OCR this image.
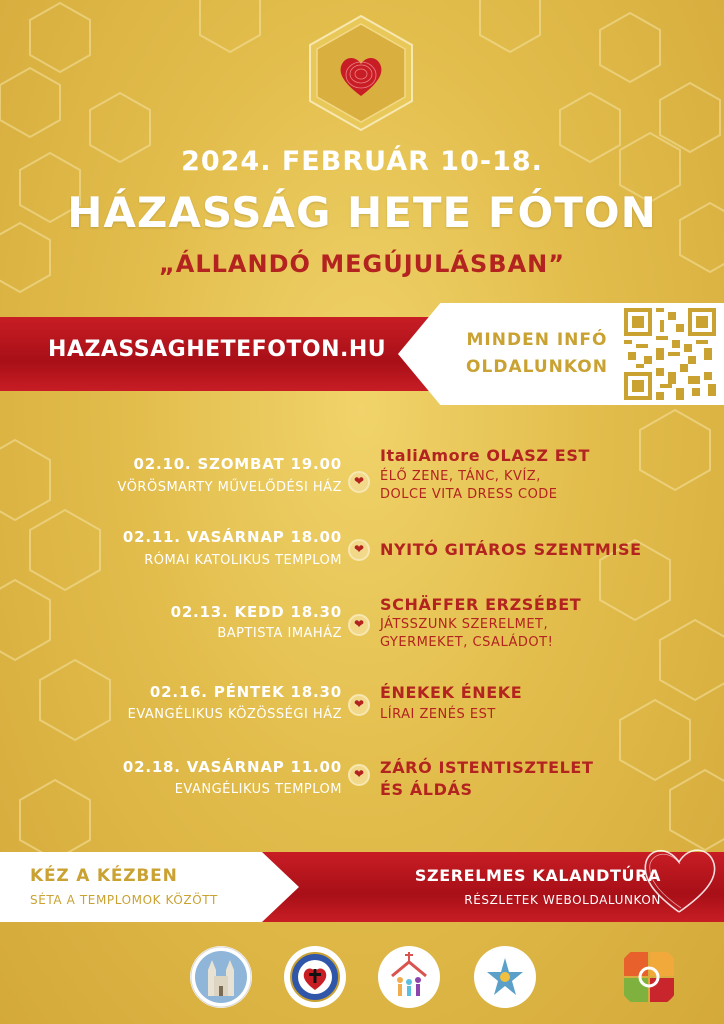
2024. FEBRUÁR 10-18.
HÁZASSÁG HETE FÓTON
„ÁLLANDÓ MEGÚJULÁSBAN”
HAZASSAGHETEFOTON.HU	MINDEN INFÓ
OLDALUNKON
02.10. SZOMBAT 19.00
VÖRÖSMARTY MŰVELŐDÉSI HÁZ ❤
ItaliAmore OLASZ EST
ÉLŐ ZENE, TÁNC, KVÍZ,
DOLCE VITA DRESS CODE
02.11. VASÁRNAP 18.00
RÓMAI KATOLIKUS TEMPLOM
❤ NYITÓ GITÁROS SZENTMISE
02.13. KEDD 18.30
BAPTISTA IMAHÁZ
❤
SCHÄFFER ERZSÉBET
JÁTSSZUNK SZERELMET,
GYERMEKET, CSALÁDOT!
02.16. PÉNTEK 18.30
EVANGÉLIKUS KÖZÖSSÉGI HÁZ
❤
ÉNEKEK ÉNEKE
LÍRAI ZENÉS EST
02.18. VASÁRNAP 11.00
EVANGÉLIKUS TEMPLOM
❤ ZÁRÓ ISTENTISZTELET
ÉS ÁLDÁS
KÉZ A KÉZBEN
SÉTA A TEMPLOMOK KÖZÖTT
SZERELMES KALANDTÚRA
RÉSZLETEK WEBOLDALUNKON
